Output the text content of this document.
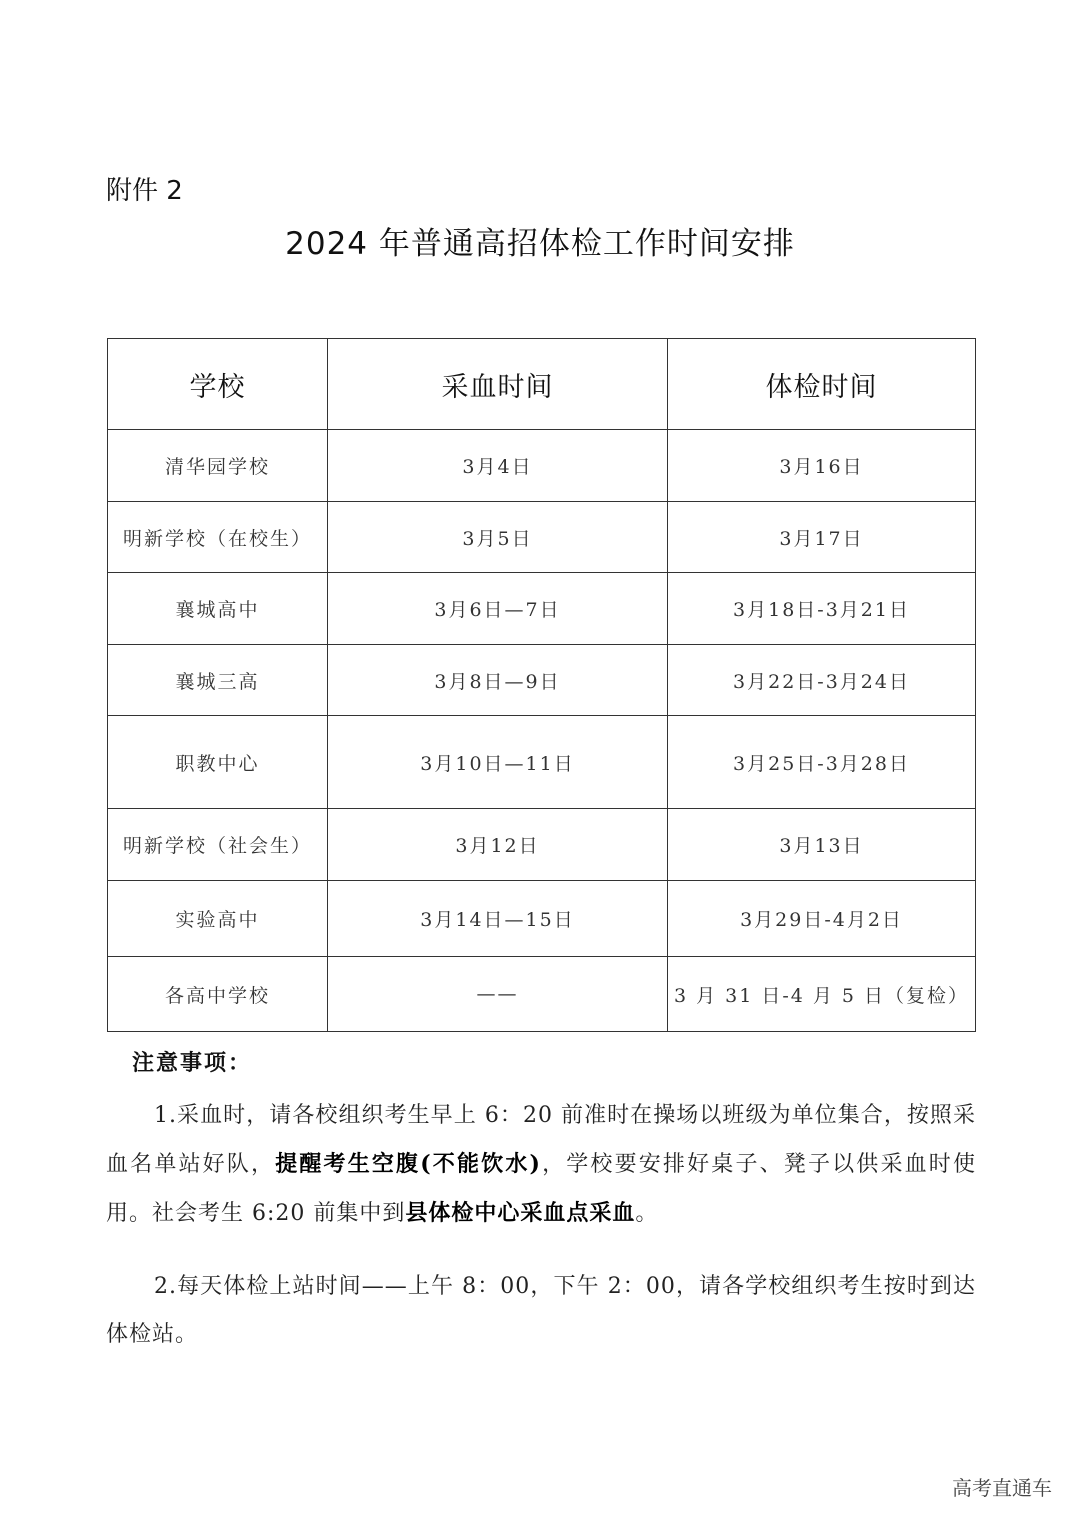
附件 2
2024 年普通高招体检工作时间安排
学校	采血时间	体检时间
清华园学校	3月4日	3月16日
明新学校（在校生）	3月5日	3月17日
襄城高中	3月6日—7日	3月18日-3月21日
襄城三高	3月8日—9日	3月22日-3月24日
职教中心	3月10日—11日	3月25日-3月28日
明新学校（社会生）	3月12日	3月13日
实验高中	3月14日—15日	3月29日-4月2日
各高中学校	——	3 月 31 日-4 月 5 日（复检）
注意事项：
1.采血时，请各校组织考生早上 6：20 前准时在操场以班级为单位集合，按照采血名单站好队，提醒考生空腹(不能饮水)，学校要安排好桌子、凳子以供采血时使用。社会考生 6:20 前集中到县体检中心采血点采血。
2.每天体检上站时间——上午 8：00，下午 2：00，请各学校组织考生按时到达体检站。
高考直通车
